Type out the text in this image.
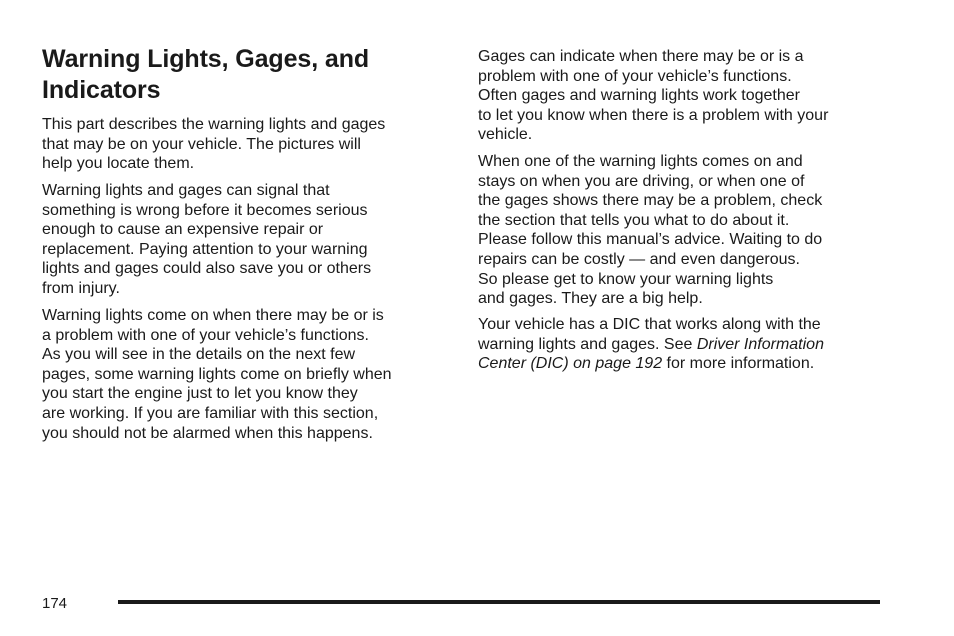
Warning Lights, Gages, and
Indicators

This part describes the warning lights and gages
that may be on your vehicle. The pictures will
help you locate them.

Warning lights and gages can signal that
something is wrong before it becomes serious
enough to cause an expensive repair or
replacement. Paying attention to your warning
lights and gages could also save you or others
from injury.

Warning lights come on when there may be or is
a problem with one of your vehicle’s functions.
As you will see in the details on the next few
pages, some warning lights come on briefly when
you start the engine just to let you know they
are working. If you are familiar with this section,
you should not be alarmed when this happens.

Gages can indicate when there may be or is a
problem with one of your vehicle’s functions.
Often gages and warning lights work together
to let you know when there is a problem with your
vehicle.

When one of the warning lights comes on and
stays on when you are driving, or when one of
the gages shows there may be a problem, check
the section that tells you what to do about it.
Please follow this manual’s advice. Waiting to do
repairs can be costly — and even dangerous.
So please get to know your warning lights
and gages. They are a big help.

Your vehicle has a DIC that works along with the
warning lights and gages. See Driver Information
Center (DIC) on page 192 for more information.

174
